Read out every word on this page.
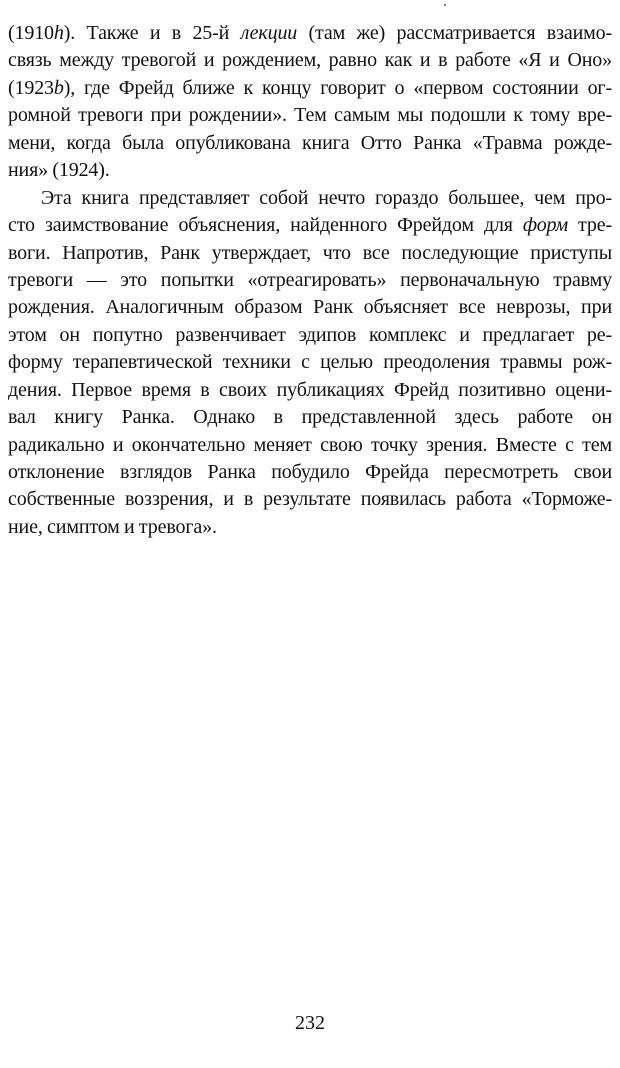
(1910h). Также и в 25-й лекции (там же) рассматривается взаимо-
связь между тревогой и рождением, равно как и в работе «Я и Оно»
(1923b), где Фрейд ближе к концу говорит о «первом состоянии ог-
ромной тревоги при рождении». Тем самым мы подошли к тому вре-
мени, когда была опубликована книга Отто Ранка «Травма рожде-
ния» (1924).
Эта книга представляет собой нечто гораздо большее, чем про-
сто заимствование объяснения, найденного Фрейдом для форм тре-
воги. Напротив, Ранк утверждает, что все последующие приступы
тревоги — это попытки «отреагировать» первоначальную травму
рождения. Аналогичным образом Ранк объясняет все неврозы, при
этом он попутно развенчивает эдипов комплекс и предлагает ре-
форму терапевтической техники с целью преодоления травмы рож-
дения. Первое время в своих публикациях Фрейд позитивно оцени-
вал книгу Ранка. Однако в представленной здесь работе он
радикально и окончательно меняет свою точку зрения. Вместе с тем
отклонение взглядов Ранка побудило Фрейда пересмотреть свои
собственные воззрения, и в результате появилась работа «Торможе-
ние, симптом и тревога».
232
